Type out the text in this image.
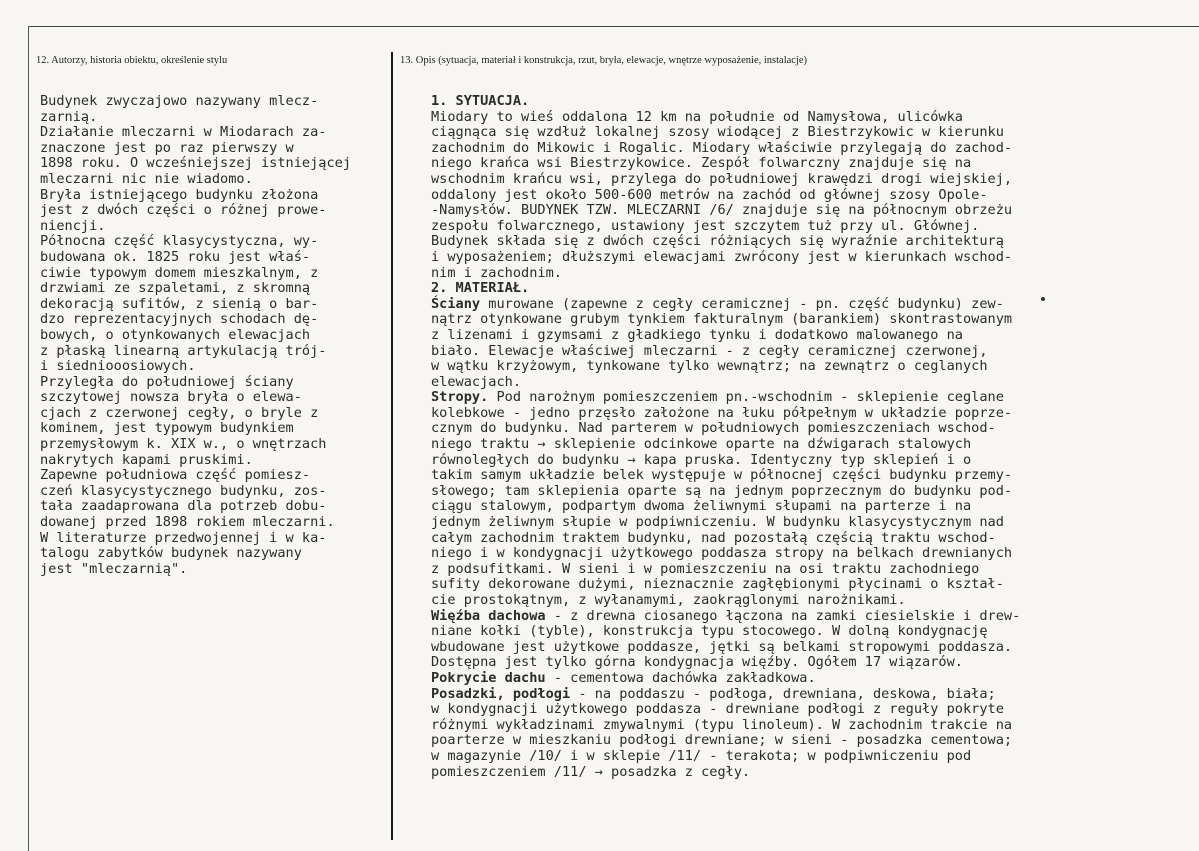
12. Autorzy, historia obiektu, określenie stylu	13. Opis (sytuacja, materiał i konstrukcja, rzut, bryła, elewacje, wnętrze wyposażenie, instalacje)
Budynek zwyczajowo nazywany mlecz-
zarnią.
Działanie mleczarni w Miodarach za-
znaczone jest po raz pierwszy w
1898 roku. O wcześniejszej istniejącej
mleczarni nic nie wiadomo.
Bryła istniejącego budynku złożona
jest z dwóch części o różnej prowe-
niencji.
Północna część klasycystyczna, wy-
budowana ok. 1825 roku jest właś-
ciwie typowym domem mieszkalnym, z
drzwiami ze szpaletami, z skromną
dekoracją sufitów, z sienią o bar-
dzo reprezentacyjnych schodach dę-
bowych, o otynkowanych elewacjach
z płaską linearną artykulacją trój-
i siedniooosiowych.
Przyległa do południowej ściany
szczytowej nowsza bryła o elewa-
cjach z czerwonej cegły, o bryle z
kominem, jest typowym budynkiem
przemysłowym k. XIX w., o wnętrzach
nakrytych kapami pruskimi.
Zapewne południowa część pomiesz-
czeń klasycystycznego budynku, zos-
tała zaadaprowana dla potrzeb dobu-
dowanej przed 1898 rokiem mleczarni.
W literaturze przedwojennej i w ka-
talogu zabytków budynek nazywany
jest "mleczarnią".
1. SYTUACJA.
Miodary to wieś oddalona 12 km na południe od Namysłowa, ulicówka
ciągnąca się wzdłuż lokalnej szosy wiodącej z Biestrzykowic w kierunku
zachodnim do Mikowic i Rogalic. Miodary właściwie przylegają do zachod-
niego krańca wsi Biestrzykowice. Zespół folwarczny znajduje się na
wschodnim krańcu wsi, przylega do południowej krawędzi drogi wiejskiej,
oddalony jest około 500-600 metrów na zachód od głównej szosy Opole-
-Namysłów. BUDYNEK TZW. MLECZARNI /6/ znajduje się na północnym obrzeżu
zespołu folwarcznego, ustawiony jest szczytem tuż przy ul. Głównej.
Budynek składa się z dwóch części różniących się wyraźnie architekturą
i wyposażeniem; dłuższymi elewacjami zwrócony jest w kierunkach wschod-
nim i zachodnim.
2. MATERIAŁ.
Ściany murowane (zapewne z cegły ceramicznej - pn. część budynku) zew-
nątrz otynkowane grubym tynkiem fakturalnym (barankiem) skontrastowanym
z lizenami i gzymsami z gładkiego tynku i dodatkowo malowanego na
biało. Elewacje właściwej mleczarni - z cegły ceramicznej czerwonej,
w wątku krzyżowym, tynkowane tylko wewnątrz; na zewnątrz o ceglanych
elewacjach.
Stropy. Pod narożnym pomieszczeniem pn.-wschodnim - sklepienie ceglane
kolebkowe - jedno przęsło założone na łuku półpełnym w układzie poprze-
cznym do budynku. Nad parterem w południowych pomieszczeniach wschod-
niego traktu → sklepienie odcinkowe oparte na dźwigarach stalowych
równoległych do budynku → kapa pruska. Identyczny typ sklepień i o
takim samym układzie belek występuje w północnej części budynku przemy-
słowego; tam sklepienia oparte są na jednym poprzecznym do budynku pod-
ciągu stalowym, podpartym dwoma żeliwnymi słupami na parterze i na
jednym żeliwnym słupie w podpiwniczeniu. W budynku klasycystycznym nad
całym zachodnim traktem budynku, nad pozostałą częścią traktu wschod-
niego i w kondygnacji użytkowego poddasza stropy na belkach drewnianych
z podsufitkami. W sieni i w pomieszczeniu na osi traktu zachodniego
sufity dekorowane dużymi, nieznacznie zagłębionymi płycinami o kształ-
cie prostokątnym, z wyłanamymi, zaokrąglonymi narożnikami.
Więźba dachowa - z drewna ciosanego łączona na zamki ciesielskie i drew-
niane kołki (tyble), konstrukcja typu stocowego. W dolną kondygnację
wbudowane jest użytkowe poddasze, jętki są belkami stropowymi poddasza.
Dostępna jest tylko górna kondygnacja więźby. Ogółem 17 wiązarów.
Pokrycie dachu - cementowa dachówka zakładkowa.
Posadzki, podłogi - na poddaszu - podłoga, drewniana, deskowa, biała;
w kondygnacji użytkowego poddasza - drewniane podłogi z reguły pokryte
różnymi wykładzinami zmywalnymi (typu linoleum). W zachodnim trakcie na
poarterze w mieszkaniu podłogi drewniane; w sieni - posadzka cementowa;
w magazynie /10/ i w sklepie /11/ - terakota; w podpiwniczeniu pod
pomieszczeniem /11/ → posadzka z cegły.
